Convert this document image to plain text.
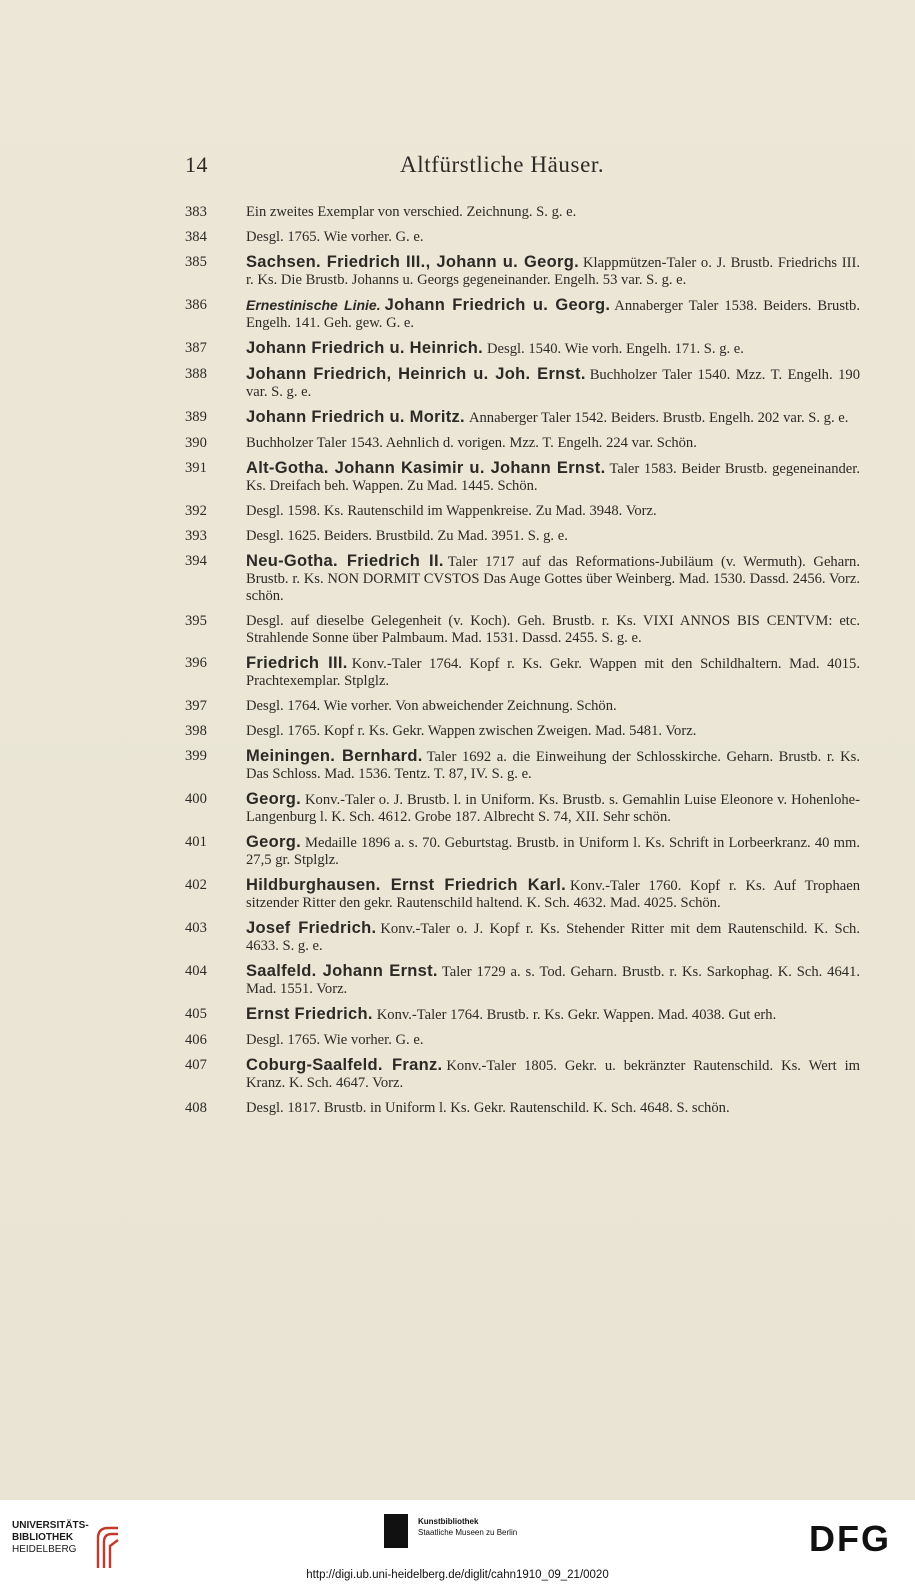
14	Altfürstliche Häuser.
383	Ein zweites Exemplar von verschied. Zeichnung. S. g. e.
384	Desgl. 1765. Wie vorher. G. e.
385 Sachsen. Friedrich III., Johann u. Georg. Klappmützen-Taler o. J. Brustb. Friedrichs III. r. Ks. Die Brustb. Johanns u. Georgs gegeneinander. Engelh. 53 var. S. g. e.
386	Ernestinische Linie. Johann Friedrich u. Georg. Annaberger Taler 1538. Beiders. Brustb. Engelh. 141. Geh. gew. G. e.
387 Johann Friedrich u. Heinrich. Desgl. 1540. Wie vorh. Engelh. 171. S. g. e.
388 Johann Friedrich, Heinrich u. Joh. Ernst. Buchholzer Taler 1540. Mzz. T. Engelh. 190 var. S. g. e.
389 Johann Friedrich u. Moritz. Annaberger Taler 1542. Beiders. Brustb. Engelh. 202 var. S. g. e.
390	Buchholzer Taler 1543. Aehnlich d. vorigen. Mzz. T. Engelh. 224 var. Schön.
391 Alt-Gotha. Johann Kasimir u. Johann Ernst. Taler 1583. Beider Brustb. gegeneinander. Ks. Dreifach beh. Wappen. Zu Mad. 1445. Schön.
392	Desgl. 1598. Ks. Rautenschild im Wappenkreise. Zu Mad. 3948. Vorz.
393	Desgl. 1625. Beiders. Brustbild. Zu Mad. 3951. S. g. e.
394 Neu-Gotha. Friedrich II. Taler 1717 auf das Reformations-Jubiläum (v. Wermuth). Geharn. Brustb. r. Ks. NON DORMIT CVSTOS Das Auge Gottes über Weinberg. Mad. 1530. Dassd. 2456. Vorz. schön.
395	Desgl. auf dieselbe Gelegenheit (v. Koch). Geh. Brustb. r. Ks. VIXI ANNOS BIS CENTVM: etc. Strahlende Sonne über Palmbaum. Mad. 1531. Dassd. 2455. S. g. e.
396 Friedrich III. Konv.-Taler 1764. Kopf r. Ks. Gekr. Wappen mit den Schildhaltern. Mad. 4015. Prachtexemplar. Stplglz.
397	Desgl. 1764. Wie vorher. Von abweichender Zeichnung. Schön.
398	Desgl. 1765. Kopf r. Ks. Gekr. Wappen zwischen Zweigen. Mad. 5481. Vorz.
399 Meiningen. Bernhard. Taler 1692 a. die Einweihung der Schlosskirche. Geharn. Brustb. r. Ks. Das Schloss. Mad. 1536. Tentz. T. 87, IV. S. g. e.
400 Georg. Konv.-Taler o. J. Brustb. l. in Uniform. Ks. Brustb. s. Gemahlin Luise Eleonore v. Hohenlohe-Langenburg l. K. Sch. 4612. Grobe 187. Albrecht S. 74, XII. Sehr schön.
401 Georg. Medaille 1896 a. s. 70. Geburtstag. Brustb. in Uniform l. Ks. Schrift in Lorbeerkranz. 40 mm. 27,5 gr. Stplglz.
402 Hildburghausen. Ernst Friedrich Karl. Konv.-Taler 1760. Kopf r. Ks. Auf Trophaen sitzender Ritter den gekr. Rautenschild haltend. K. Sch. 4632. Mad. 4025. Schön.
403 Josef Friedrich. Konv.-Taler o. J. Kopf r. Ks. Stehender Ritter mit dem Rautenschild. K. Sch. 4633. S. g. e.
404 Saalfeld. Johann Ernst. Taler 1729 a. s. Tod. Geharn. Brustb. r. Ks. Sarkophag. K. Sch. 4641. Mad. 1551. Vorz.
405 Ernst Friedrich. Konv.-Taler 1764. Brustb. r. Ks. Gekr. Wappen. Mad. 4038. Gut erh.
406	Desgl. 1765. Wie vorher. G. e.
407 Coburg-Saalfeld. Franz. Konv.-Taler 1805. Gekr. u. bekränzter Rautenschild. Ks. Wert im Kranz. K. Sch. 4647. Vorz.
408	Desgl. 1817. Brustb. in Uniform l. Ks. Gekr. Rautenschild. K. Sch. 4648. S. schön.
UNIVERSITÄTS-
BIBLIOTHEK
HEIDELBERG
Kunstbibliothek
Staatliche Museen zu Berlin	DFG
http://digi.ub.uni-heidelberg.de/diglit/cahn1910_09_21/0020
